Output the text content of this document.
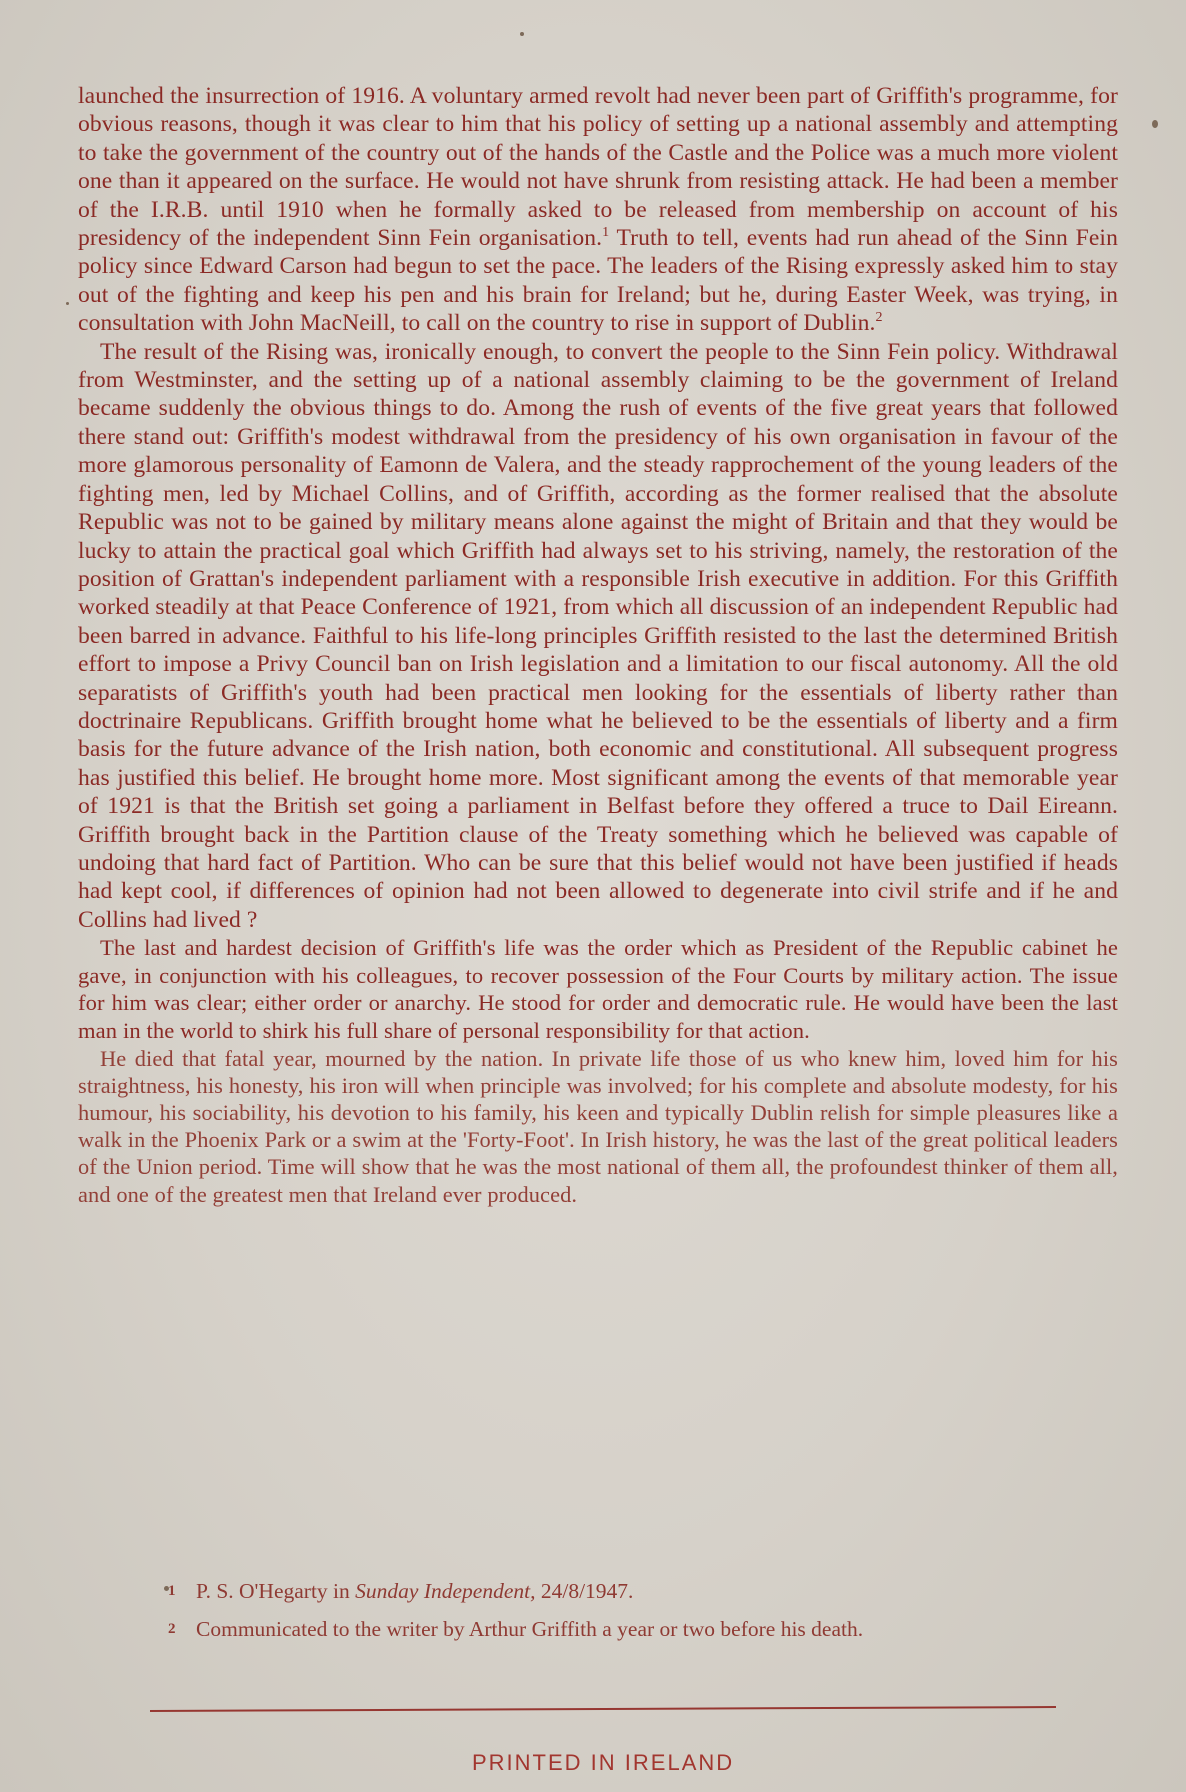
launched the insurrection of 1916. A voluntary armed revolt had never been part of Griffith's programme, for obvious reasons, though it was clear to him that his policy of setting up a national assembly and attempting to take the government of the country out of the hands of the Castle and the Police was a much more violent one than it appeared on the surface. He would not have shrunk from resisting attack. He had been a member of the I.R.B. until 1910 when he formally asked to be released from membership on account of his presidency of the independent Sinn Fein organisation.$^1$ Truth to tell, events had run ahead of the Sinn Fein policy since Edward Carson had begun to set the pace. The leaders of the Rising expressly asked him to stay out of the fighting and keep his pen and his brain for Ireland; but he, during Easter Week, was trying, in consultation with John MacNeill, to call on the country to rise in support of Dublin.$^2$

The result of the Rising was, ironically enough, to convert the people to the Sinn Fein policy. Withdrawal from Westminster, and the setting up of a national assembly claiming to be the government of Ireland became suddenly the obvious things to do. Among the rush of events of the five great years that followed there stand out: Griffith's modest withdrawal from the presidency of his own organisation in favour of the more glamorous personality of Eamonn de Valera, and the steady rapprochement of the young leaders of the fighting men, led by Michael Collins, and of Griffith, according as the former realised that the absolute Republic was not to be gained by military means alone against the might of Britain and that they would be lucky to attain the practical goal which Griffith had always set to his striving, namely, the restoration of the position of Grattan's independent parliament with a responsible Irish executive in addition. For this Griffith worked steadily at that Peace Conference of 1921, from which all discussion of an independent Republic had been barred in advance. Faithful to his life-long principles Griffith resisted to the last the determined British effort to impose a Privy Council ban on Irish legislation and a limitation to our fiscal autonomy. All the old separatists of Griffith's youth had been practical men looking for the essentials of liberty rather than doctrinaire Republicans. Griffith brought home what he believed to be the essentials of liberty and a firm basis for the future advance of the Irish nation, both economic and constitutional. All subsequent progress has justified this belief. He brought home more. Most significant among the events of that memorable year of 1921 is that the British set going a parliament in Belfast before they offered a truce to Dail Eireann. Griffith brought back in the Partition clause of the Treaty something which he believed was capable of undoing that hard fact of Partition. Who can be sure that this belief would not have been justified if heads had kept cool, if differences of opinion had not been allowed to degenerate into civil strife and if he and Collins had lived ?

The last and hardest decision of Griffith's life was the order which as President of the Republic cabinet he gave, in conjunction with his colleagues, to recover possession of the Four Courts by military action. The issue for him was clear; either order or anarchy. He stood for order and democratic rule. He would have been the last man in the world to shirk his full share of personal responsibility for that action.

He died that fatal year, mourned by the nation. In private life those of us who knew him, loved him for his straightness, his honesty, his iron will when principle was involved; for his complete and absolute modesty, for his humour, his sociability, his devotion to his family, his keen and typically Dublin relish for simple pleasures like a walk in the Phoenix Park or a swim at the 'Forty-Foot'. In Irish history, he was the last of the great political leaders of the Union period. Time will show that he was the most national of them all, the profoundest thinker of them all, and one of the greatest men that Ireland ever produced.

1 P. S. O'Hegarty in Sunday Independent, 24/8/1947.
2 Communicated to the writer by Arthur Griffith a year or two before his death.
PRINTED IN IRELAND
